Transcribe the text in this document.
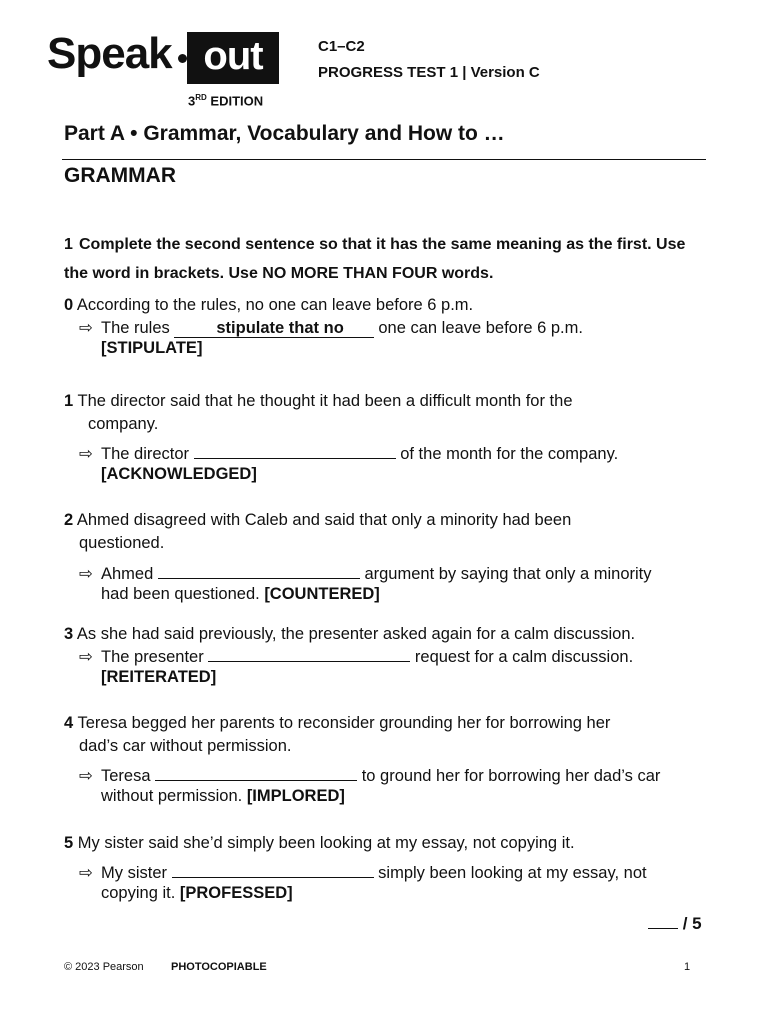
Speak out
3RD EDITION
C1–C2
PROGRESS TEST 1 | Version C
Part A • Grammar, Vocabulary and How to …
GRAMMAR
1 Complete the second sentence so that it has the same meaning as the first. Use the word in brackets. Use NO MORE THAN FOUR words.
0 According to the rules, no one can leave before 6 p.m.
⇨ The rules	stipulate that no one can leave before 6 p.m.
[STIPULATE]
1 The director said that he thought it had been a difficult month for the
company.
⇨ The director	of the month for the company.
[ACKNOWLEDGED]
2 Ahmed disagreed with Caleb and said that only a minority had been
questioned.
⇨ Ahmed	argument by saying that only a minority
had been questioned. [COUNTERED]
3 As she had said previously, the presenter asked again for a calm discussion.
⇨ The presenter	request for a calm discussion.
[REITERATED]
4 Teresa begged her parents to reconsider grounding her for borrowing her
dad’s car without permission.
⇨ Teresa	to ground her for borrowing her dad’s car
without permission. [IMPLORED]
5 My sister said she’d simply been looking at my essay, not copying it.
⇨ My sister	simply been looking at my essay, not
copying it. [PROFESSED]
/ 5
© 2023 Pearson PHOTOCOPIABLE	1
